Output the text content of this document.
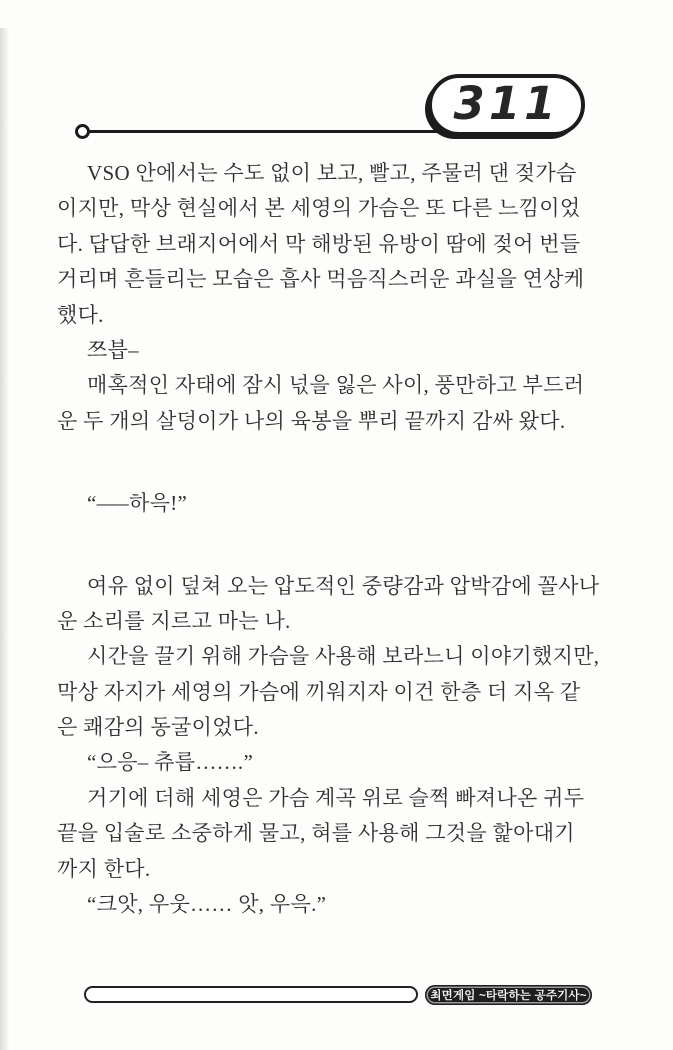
311
VSO 안에서는 수도 없이 보고, 빨고, 주물러 댄 젖가슴
이지만, 막상 현실에서 본 세영의 가슴은 또 다른 느낌이었
다. 답답한 브래지어에서 막 해방된 유방이 땀에 젖어 번들
거리며 흔들리는 모습은 흡사 먹음직스러운 과실을 연상케
했다.
쯔븝–
매혹적인 자태에 잠시 넋을 잃은 사이, 풍만하고 부드러
운 두 개의 살덩이가 나의 육봉을 뿌리 끝까지 감싸 왔다.

“–––하윽!”

여유 없이 덮쳐 오는 압도적인 중량감과 압박감에 꼴사나
운 소리를 지르고 마는 나.
시간을 끌기 위해 가슴을 사용해 보라느니 이야기했지만,
막상 자지가 세영의 가슴에 끼워지자 이건 한층 더 지옥 같
은 쾌감의 동굴이었다.
“으응– 츄릅…….”
거기에 더해 세영은 가슴 계곡 위로 슬쩍 빠져나온 귀두
끝을 입술로 소중하게 물고, 혀를 사용해 그것을 핥아대기
까지 한다.
“크앗, 우웃…… 앗, 우윽.”
최면게임 ~타락하는 공주기사~
